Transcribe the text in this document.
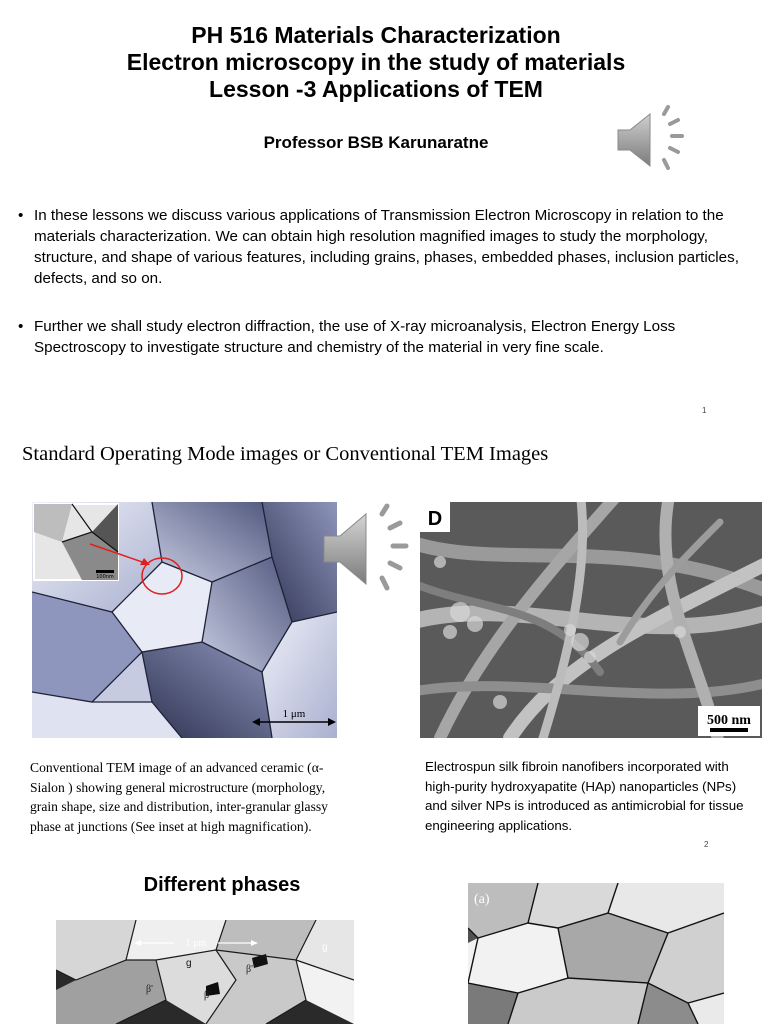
PH 516 Materials Characterization
Electron microscopy in the study of materials
Lesson -3 Applications of TEM
Professor BSB Karunaratne
• In these lessons we discuss various applications of Transmission Electron Microscopy in relation to the materials characterization. We can obtain high resolution magnified images to study the morphology, structure, and shape of various features, including grains, phases, embedded phases, inclusion particles, defects, and so on.
• Further we shall study electron diffraction, the use of X-ray microanalysis, Electron Energy Loss Spectroscopy to investigate structure and chemistry of the material in very fine scale.
1
Standard Operating Mode images or Conventional TEM Images
100nm
1 μm
D
500 nm
Conventional TEM image of an advanced ceramic (α-Sialon ) showing general microstructure (morphology, grain shape, size and distribution, inter-granular glassy phase at junctions (See inset at high magnification).
Electrospun silk fibroin nanofibers incorporated with high-purity hydroxyapatite (HAp) nanoparticles (NPs) and silver NPs is introduced as antimicrobial for tissue engineering applications.
2
Different phases
1 μm	g
g
β'
β'
β'
(a)
